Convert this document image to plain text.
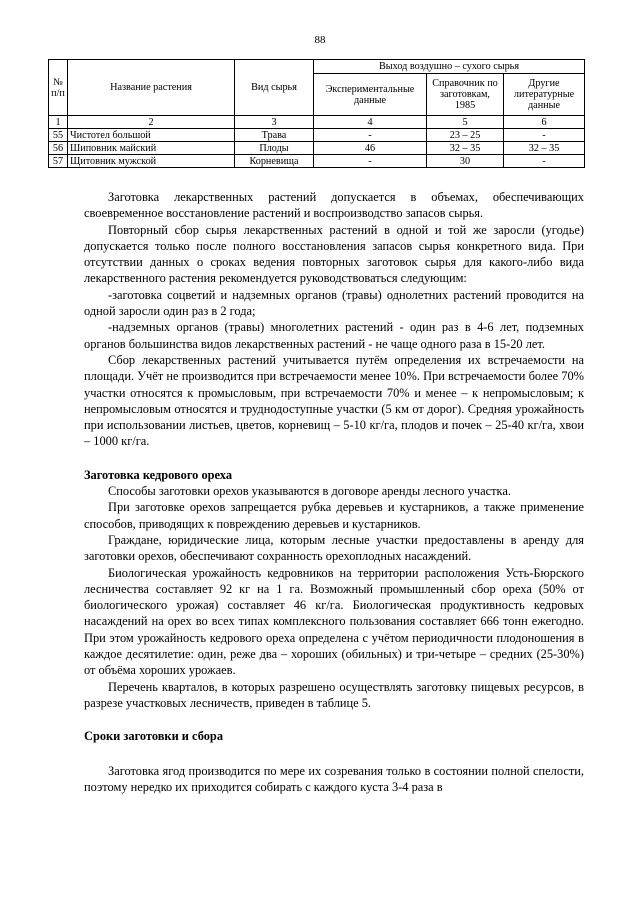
88
№ п/п	Название растения	Вид сырья	Выход воздушно – сухого сырья		
			Экспериментальные данные	Справочник по заготовкам, 1985	Другие литературные данные
1	2	3	4	5	6
55	Чистотел большой	Трава	-	23 – 25	-
56	Шиповник майский	Плоды	46	32 – 35	32 – 35
57	Щитовник мужской	Корневища	-	30	-

Заготовка лекарственных растений допускается в объемах, обеспечивающих своевременное восстановление растений и воспроизводство запасов сырья.

Повторный сбор сырья лекарственных растений в одной и той же заросли (угодье) допускается только после полного восстановления запасов сырья конкретного вида. При отсутствии данных о сроках ведения повторных заготовок сырья для какого-либо вида лекарственного растения рекомендуется руководствоваться следующим:

-заготовка соцветий и надземных органов (травы) однолетних растений проводится на одной заросли один раз в 2 года;

-надземных органов (травы) многолетних растений - один раз в 4-6 лет, подземных органов большинства видов лекарственных растений - не чаще одного раза в 15-20 лет.

Сбор лекарственных растений учитывается путём определения их встречаемости на площади. Учёт не производится при встречаемости менее 10%. При встречаемости более 70% участки относятся к промысловым, при встречаемости 70% и менее – к непромысловым; к непромысловым относятся и труднодоступные участки (5 км от дорог). Средняя урожайность при использовании листьев, цветов, корневищ – 5-10 кг/га, плодов и почек – 25-40 кг/га, хвои – 1000 кг/га.

Заготовка кедрового ореха

Способы заготовки орехов указываются в договоре аренды лесного участка.

При заготовке орехов запрещается рубка деревьев и кустарников, а также применение способов, приводящих к повреждению деревьев и кустарников.

Граждане, юридические лица, которым лесные участки предоставлены в аренду для заготовки орехов, обеспечивают сохранность орехоплодных насаждений.

Биологическая урожайность кедровников на территории расположения Усть-Бюрского лесничества составляет 92 кг на 1 га. Возможный промышленный сбор ореха (50% от биологического урожая) составляет 46 кг/га. Биологическая продуктивность кедровых насаждений на орех во всех типах комплексного пользования составляет 666 тонн ежегодно. При этом урожайность кедрового ореха определена с учётом периодичности плодоношения в каждое десятилетие: один, реже два – хороших (обильных) и три-четыре – средних (25-30%) от объёма хороших урожаев.

Перечень кварталов, в которых разрешено осуществлять заготовку пищевых ресурсов, в разрезе участковых лесничеств, приведен в таблице 5.

Сроки заготовки и сбора

Заготовка ягод производится по мере их созревания только в состоянии полной спелости, поэтому нередко их приходится собирать с каждого куста 3-4 раза в
